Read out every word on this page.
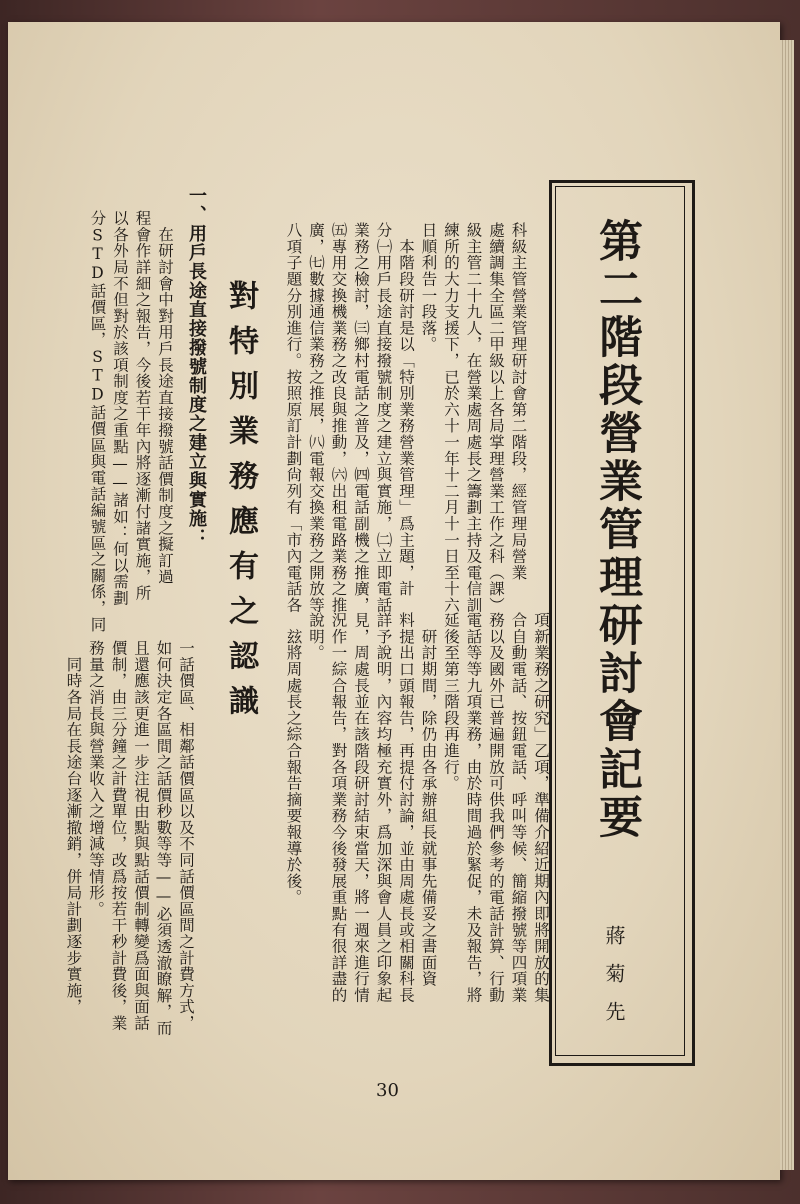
第二階段營業管理研討會記要
蔣菊先
科級主管營業管理研討會第二階段，經管理局營業
處續調集全區二甲級以上各局掌理營業工作之科（課）
級主管二十九人，在營業處周處長之籌劃主持及電信訓
練所的大力支援下，已於六十一年十二月十一日至十六
日順利告一段落。
　本階段研討是以「特別業務營業管理」爲主題，計
分㈠用戶長途直接撥號制度之建立與實施，㈡立即電話
業務之檢討，㈢鄉村電話之普及，㈣電話副機之推廣，
㈤專用交換機業務之改良與推動，㈥出租電路業務之推
廣，㈦數據通信業務之推展，㈧電報交換業務之開放等
八項子題分別進行。按照原訂計劃尙列有「市內電話各
項新業務之研究」乙項，準備介紹近期內即將開放的集
合自動電話、按鈕電話、呼叫等候、簡縮撥號等四項業
務以及國外已普遍開放可供我們參考的電話計算、行動
電話等等九項業務，由於時間過於緊促，未及報告，將
延後至第三階段再進行。
　研討期間，除仍由各承辦組長就事先備妥之書面資
料提出口頭報告，再提付討論，並由周處長或相關科長
詳予說明，內容均極充實外，爲加深與會人員之印象起
見，周處長並在該階段研討結束當天，將一週來進行情
況作一綜合報告，對各項業務今後發展重點有很詳盡的
說明。
　玆將周處長之綜合報告摘要報導於後。
對特別業務應有之認識
一、用戶長途直接撥號制度之建立與實施：
　在研討會中對用戶長途直接撥號話價制度之擬訂過
程會作詳細之報告，今後若干年內將逐漸付諸實施，所
以各外局不但對於該項制度之重點——諸如：何以需劃
分STD話價區，STD話價區與電話編號區之關係，同
一話價區、相鄰話價區以及不同話價區間之計費方式，
如何決定各區間之話價秒數等等——必須透澈瞭解，而
且還應該更進一步注視由點與點話價制轉變爲面與面話
價制，由三分鐘之計費單位，改爲按若干秒計費後，業
務量之消長與營業收入之增減等情形。
　同時各局在長途台逐漸撤銷，併局計劃逐步實施，
30
